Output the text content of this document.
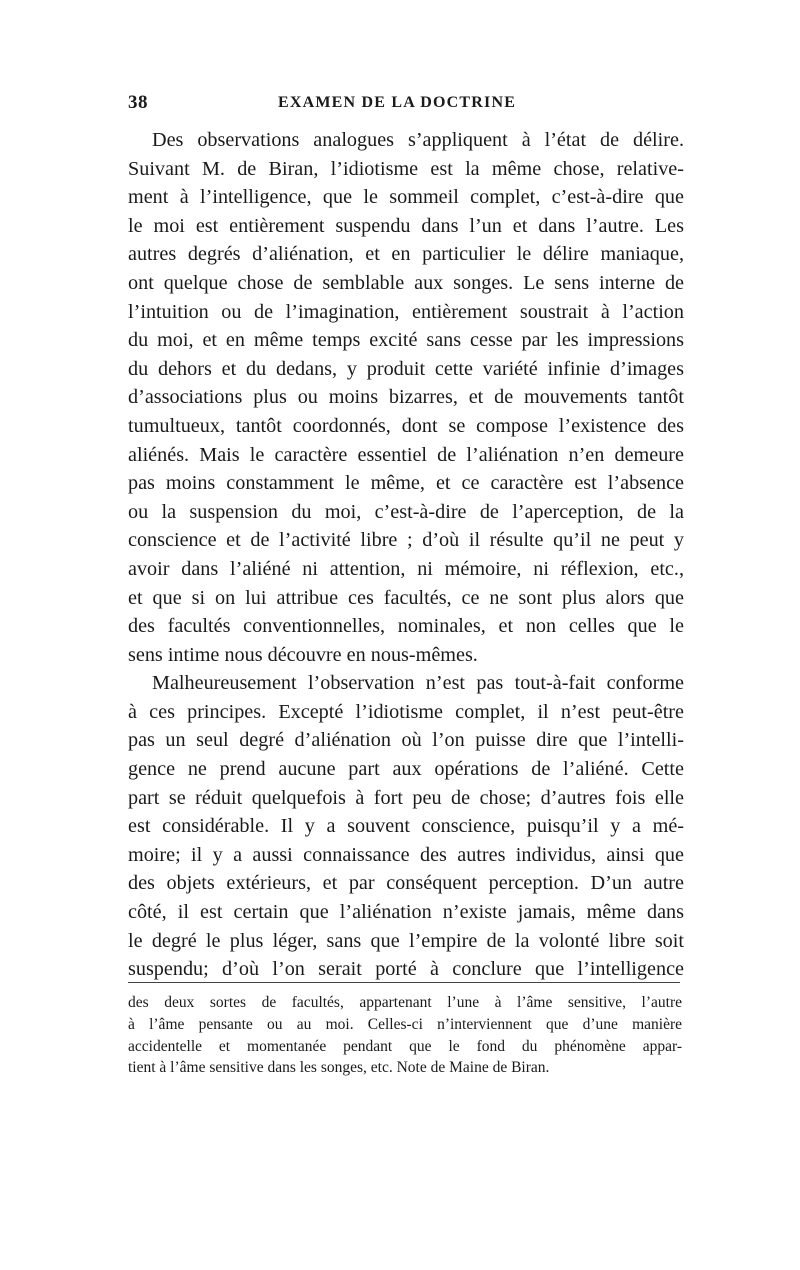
38	EXAMEN DE LA DOCTRINE
Des observations analogues s’appliquent à l’état de délire.
Suivant M. de Biran, l’idiotisme est la même chose, relative-
ment à l’intelligence, que le sommeil complet, c’est-à-dire que
le moi est entièrement suspendu dans l’un et dans l’autre. Les
autres degrés d’aliénation, et en particulier le délire maniaque,
ont quelque chose de semblable aux songes. Le sens interne de
l’intuition ou de l’imagination, entièrement soustrait à l’action
du moi, et en même temps excité sans cesse par les impressions
du dehors et du dedans, y produit cette variété infinie d’images
d’associations plus ou moins bizarres, et de mouvements tantôt
tumultueux, tantôt coordonnés, dont se compose l’existence des
aliénés. Mais le caractère essentiel de l’aliénation n’en demeure
pas moins constamment le même, et ce caractère est l’absence
ou la suspension du moi, c’est-à-dire de l’aperception, de la
conscience et de l’activité libre ; d’où il résulte qu’il ne peut y
avoir dans l’aliéné ni attention, ni mémoire, ni réflexion, etc.,
et que si on lui attribue ces facultés, ce ne sont plus alors que
des facultés conventionnelles, nominales, et non celles que le
sens intime nous découvre en nous-mêmes.
Malheureusement l’observation n’est pas tout-à-fait conforme
à ces principes. Excepté l’idiotisme complet, il n’est peut-être
pas un seul degré d’aliénation où l’on puisse dire que l’intelli-
gence ne prend aucune part aux opérations de l’aliéné. Cette
part se réduit quelquefois à fort peu de chose; d’autres fois elle
est considérable. Il y a souvent conscience, puisqu’il y a mé-
moire; il y a aussi connaissance des autres individus, ainsi que
des objets extérieurs, et par conséquent perception. D’un autre
côté, il est certain que l’aliénation n’existe jamais, même dans
le degré le plus léger, sans que l’empire de la volonté libre soit
suspendu; d’où l’on serait porté à conclure que l’intelligence
des deux sortes de facultés, appartenant l’une à l’âme sensitive, l’autre
à l’âme pensante ou au moi. Celles-ci n’interviennent que d’une manière
accidentelle et momentanée pendant que le fond du phénomène appar-
tient à l’âme sensitive dans les songes, etc. Note de Maine de Biran.
